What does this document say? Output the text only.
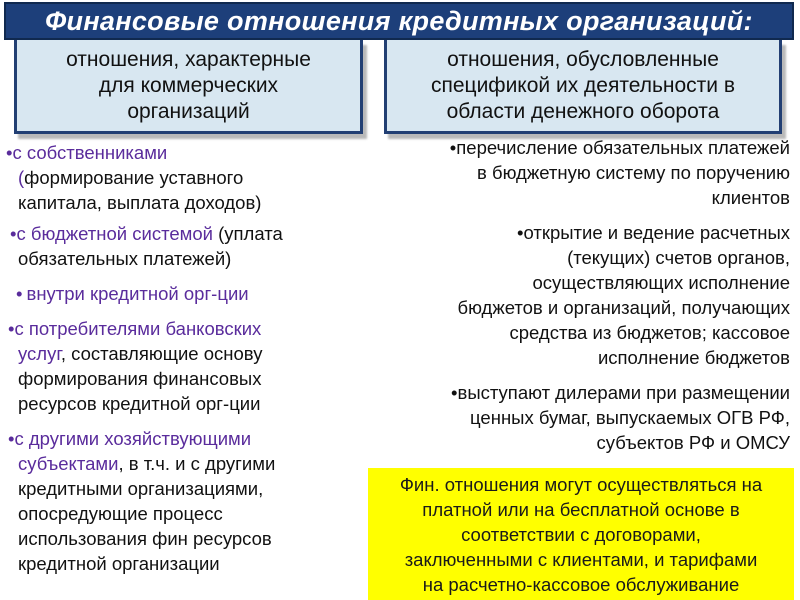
Финансовые отношения кредитных организаций:
отношения, характерные
для коммерческих
организаций
отношения, обусловленные
спецификой их деятельности в
области денежного оборота
•с собственниками
(формирование уставного
капитала, выплата доходов)
•с бюджетной системой (уплата
обязательных платежей)
• внутри кредитной орг-ции
•с потребителями банковских
услуг, составляющие основу
формирования финансовых
ресурсов кредитной орг-ции
•с другими хозяйствующими
субъектами, в т.ч. и с другими
кредитными организациями,
опосредующие процесс
использования фин ресурсов
кредитной организации
•перечисление обязательных платежей
в бюджетную систему по поручению
клиентов
•открытие и ведение расчетных
(текущих) счетов органов,
осуществляющих исполнение
бюджетов и организаций, получающих
средства из бюджетов; кассовое
исполнение бюджетов
•выступают дилерами при размещении
ценных бумаг, выпускаемых ОГВ РФ,
субъектов РФ и ОМСУ
Фин. отношения могут осуществляться на
платной или на бесплатной основе в
соответствии с договорами,
заключенными с клиентами, и тарифами
на расчетно-кассовое обслуживание
